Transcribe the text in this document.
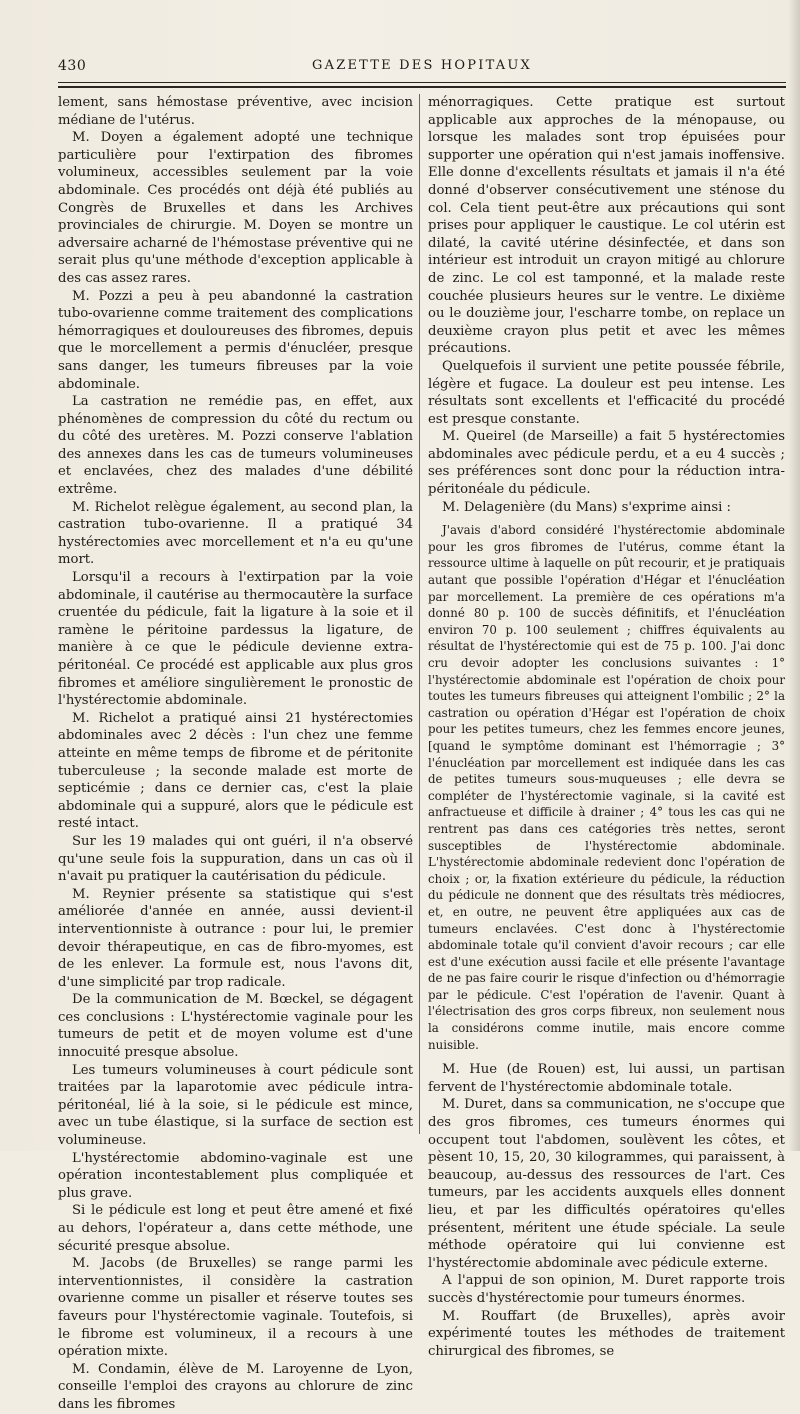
430	GAZETTE DES HOPITAUX

lement, sans hémostase préventive, avec incision médiane de l'utérus.

M. Doyen a également adopté une technique particulière pour l'extirpation des fibromes volumineux, accessibles seulement par la voie abdominale. Ces procédés ont déjà été publiés au Congrès de Bruxelles et dans les Archives provinciales de chirurgie. M. Doyen se montre un adversaire acharné de l'hémostase préventive qui ne serait plus qu'une méthode d'exception applicable à des cas assez rares.

M. Pozzi a peu à peu abandonné la castration tubo-ovarienne comme traitement des complications hémorragiques et douloureuses des fibromes, depuis que le morcellement a permis d'énucléer, presque sans danger, les tumeurs fibreuses par la voie abdominale.

La castration ne remédie pas, en effet, aux phénomènes de compression du côté du rectum ou du côté des uretères. M. Pozzi conserve l'ablation des annexes dans les cas de tumeurs volumineuses et enclavées, chez des malades d'une débilité extrême.

M. Richelot relègue également, au second plan, la castration tubo-ovarienne. Il a pratiqué 34 hystérectomies avec morcellement et n'a eu qu'une mort.

Lorsqu'il a recours à l'extirpation par la voie abdominale, il cautérise au thermocautère la surface cruentée du pédicule, fait la ligature à la soie et il ramène le péritoine pardessus la ligature, de manière à ce que le pédicule devienne extra-péritonéal. Ce procédé est applicable aux plus gros fibromes et améliore singulièrement le pronostic de l'hystérectomie abdominale.

M. Richelot a pratiqué ainsi 21 hystérectomies abdominales avec 2 décès : l'un chez une femme atteinte en même temps de fibrome et de péritonite tuberculeuse ; la seconde malade est morte de septicémie ; dans ce dernier cas, c'est la plaie abdominale qui a suppuré, alors que le pédicule est resté intact.

Sur les 19 malades qui ont guéri, il n'a observé qu'une seule fois la suppuration, dans un cas où il n'avait pu pratiquer la cautérisation du pédicule.

M. Reynier présente sa statistique qui s'est améliorée d'année en année, aussi devient-il interventionniste à outrance : pour lui, le premier devoir thérapeutique, en cas de fibro-myomes, est de les enlever. La formule est, nous l'avons dit, d'une simplicité par trop radicale.

De la communication de M. Bœckel, se dégagent ces conclusions : L'hystérectomie vaginale pour les tumeurs de petit et de moyen volume est d'une innocuité presque absolue.

Les tumeurs volumineuses à court pédicule sont traitées par la laparotomie avec pédicule intra-péritonéal, lié à la soie, si le pédicule est mince, avec un tube élastique, si la surface de section est volumineuse.

L'hystérectomie abdomino-vaginale est une opération incontestablement plus compliquée et plus grave.

Si le pédicule est long et peut être amené et fixé au dehors, l'opérateur a, dans cette méthode, une sécurité presque absolue.

M. Jacobs (de Bruxelles) se range parmi les interventionnistes, il considère la castration ovarienne comme un pisaller et réserve toutes ses faveurs pour l'hystérectomie vaginale. Toutefois, si le fibrome est volumineux, il a recours à une opération mixte.

M. Condamin, élève de M. Laroyenne de Lyon, conseille l'emploi des crayons au chlorure de zinc dans les fibromes

ménorragiques. Cette pratique est surtout applicable aux approches de la ménopause, ou lorsque les malades sont trop épuisées pour supporter une opération qui n'est jamais inoffensive. Elle donne d'excellents résultats et jamais il n'a été donné d'observer consécutivement une sténose du col. Cela tient peut-être aux précautions qui sont prises pour appliquer le caustique. Le col utérin est dilaté, la cavité utérine désinfectée, et dans son intérieur est introduit un crayon mitigé au chlorure de zinc. Le col est tamponné, et la malade reste couchée plusieurs heures sur le ventre. Le dixième ou le douzième jour, l'escharre tombe, on replace un deuxième crayon plus petit et avec les mêmes précautions.

Quelquefois il survient une petite poussée fébrile, légère et fugace. La douleur est peu intense. Les résultats sont excellents et l'efficacité du procédé est presque constante.

M. Queirel (de Marseille) a fait 5 hystérectomies abdominales avec pédicule perdu, et a eu 4 succès ; ses préférences sont donc pour la réduction intra-péritonéale du pédicule.

M. Delagenière (du Mans) s'exprime ainsi :

J'avais d'abord considéré l'hystérectomie abdominale pour les gros fibromes de l'utérus, comme étant la ressource ultime à laquelle on pût recourir, et je pratiquais autant que possible l'opération d'Hégar et l'énucléation par morcellement. La première de ces opérations m'a donné 80 p. 100 de succès définitifs, et l'énucléation environ 70 p. 100 seulement ; chiffres équivalents au résultat de l'hystérectomie qui est de 75 p. 100. J'ai donc cru devoir adopter les conclusions suivantes : 1° l'hystérectomie abdominale est l'opération de choix pour toutes les tumeurs fibreuses qui atteignent l'ombilic ; 2° la castration ou opération d'Hégar est l'opération de choix pour les petites tumeurs, chez les femmes encore jeunes, [quand le symptôme dominant est l'hémorragie ; 3° l'énucléation par morcellement est indiquée dans les cas de petites tumeurs sous-muqueuses ; elle devra se compléter de l'hystérectomie vaginale, si la cavité est anfractueuse et difficile à drainer ; 4° tous les cas qui ne rentrent pas dans ces catégories très nettes, seront susceptibles de l'hystérectomie abdominale. L'hystérectomie abdominale redevient donc l'opération de choix ; or, la fixation extérieure du pédicule, la réduction du pédicule ne donnent que des résultats très médiocres, et, en outre, ne peuvent être appliquées aux cas de tumeurs enclavées. C'est donc à l'hystérectomie abdominale totale qu'il convient d'avoir recours ; car elle est d'une exécution aussi facile et elle présente l'avantage de ne pas faire courir le risque d'infection ou d'hémorragie par le pédicule. C'est l'opération de l'avenir. Quant à l'électrisation des gros corps fibreux, non seulement nous la considérons comme inutile, mais encore comme nuisible.

M. Hue (de Rouen) est, lui aussi, un partisan fervent de l'hystérectomie abdominale totale.

M. Duret, dans sa communication, ne s'occupe que des gros fibromes, ces tumeurs énormes qui occupent tout l'abdomen, soulèvent les côtes, et pèsent 10, 15, 20, 30 kilogrammes, qui paraissent, à beaucoup, au-dessus des ressources de l'art. Ces tumeurs, par les accidents auxquels elles donnent lieu, et par les difficultés opératoires qu'elles présentent, méritent une étude spéciale. La seule méthode opératoire qui lui convienne est l'hystérectomie abdominale avec pédicule externe.

A l'appui de son opinion, M. Duret rapporte trois succès d'hystérectomie pour tumeurs énormes.

M. Rouffart (de Bruxelles), après avoir expérimenté toutes les méthodes de traitement chirurgical des fibromes, se
